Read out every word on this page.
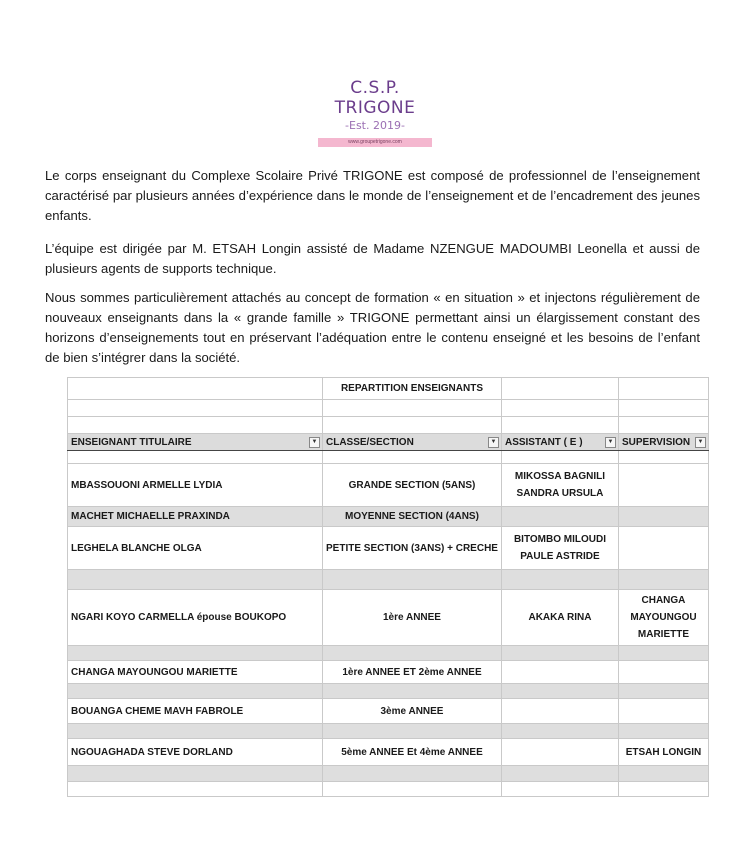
C.S.P. TRIGONE
-Est. 2019-
www.groupetrigone.com

Le corps enseignant du Complexe Scolaire Privé TRIGONE est composé de professionnel de l’enseignement caractérisé par plusieurs années d’expérience dans le monde de l’enseignement et de l’encadrement des jeunes enfants.

L’équipe est dirigée par M. ETSAH Longin assisté de Madame NZENGUE MADOUMBI Leonella et aussi de plusieurs agents de supports technique.

Nous sommes particulièrement attachés au concept de formation « en situation » et injectons régulièrement de nouveaux enseignants dans la « grande famille » TRIGONE permettant ainsi un élargissement constant des horizons d’enseignements tout en préservant l’adéquation entre le contenu enseigné et les besoins de l’enfant de bien s’intégrer dans la société.

	REPARTITION ENSEIGNANTS		

ENSEIGNANT TITULAIRE ▼	CLASSE/SECTION ▼	ASSISTANT ( E ) ▼	SUPERVISION ▼

MBASSOUONI ARMELLE LYDIA	GRANDE SECTION (5ANS)	MIKOSSA BAGNILI SANDRA URSULA	
MACHET MICHAELLE PRAXINDA	MOYENNE SECTION (4ANS)		
LEGHELA BLANCHE OLGA	PETITE SECTION (3ANS) + CRECHE	BITOMBO MILOUDI PAULE ASTRIDE	

NGARI KOYO CARMELLA épouse BOUKOPO	1ère ANNEE	AKAKA RINA	CHANGA MAYOUNGOU MARIETTE

CHANGA MAYOUNGOU MARIETTE	1ère ANNEE ET 2ème ANNEE		

BOUANGA CHEME MAVH FABROLE	3ème ANNEE		

NGOUAGHADA STEVE DORLAND	5ème ANNEE Et 4ème ANNEE		ETSAH LONGIN
